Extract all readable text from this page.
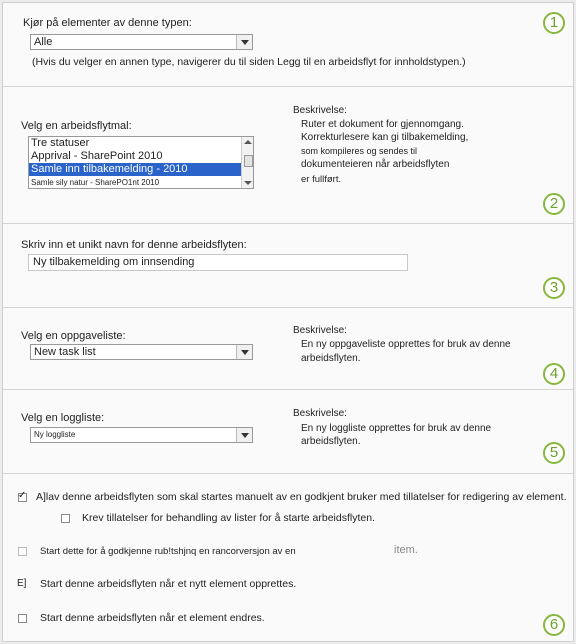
Kjør på elementer av denne typen:
Alle
(Hvis du velger en annen type, navigerer du til siden Legg til en arbeidsflyt for innholdstypen.)
1
Velg en arbeidsflytmal:
Tre statuser
Apprival - SharePoint 2010
Samle inn tilbakemelding - 2010
Samle sily natur - SharePO1nt 2010
Beskrivelse:
Ruter et dokument for gjennomgang.
Korrekturlesere kan gi tilbakemelding,
som kompileres og sendes til
dokumenteieren når arbeidsflyten
er fullført.
2
Skriv inn et unikt navn for denne arbeidsflyten:
Ny tilbakemelding om innsending
3
Velg en oppgaveliste:
New task list
Beskrivelse:
En ny oppgaveliste opprettes for bruk av denne
arbeidsflyten.
4
Velg en loggliste:
Ny loggliste
Beskrivelse:
En ny loggliste opprettes for bruk av denne
arbeidsflyten.
5
✓
A]lav denne arbeidsflyten som skal startes manuelt av en godkjent bruker med tillatelser for redigering av element.
Krev tillatelser for behandling av lister for å starte arbeidsflyten.
Start dette for å godkjenne rub!tshjnq en rancorversjon av en	item.
E] Start denne arbeidsflyten når et nytt element opprettes.
Start denne arbeidsflyten når et element endres.	6
